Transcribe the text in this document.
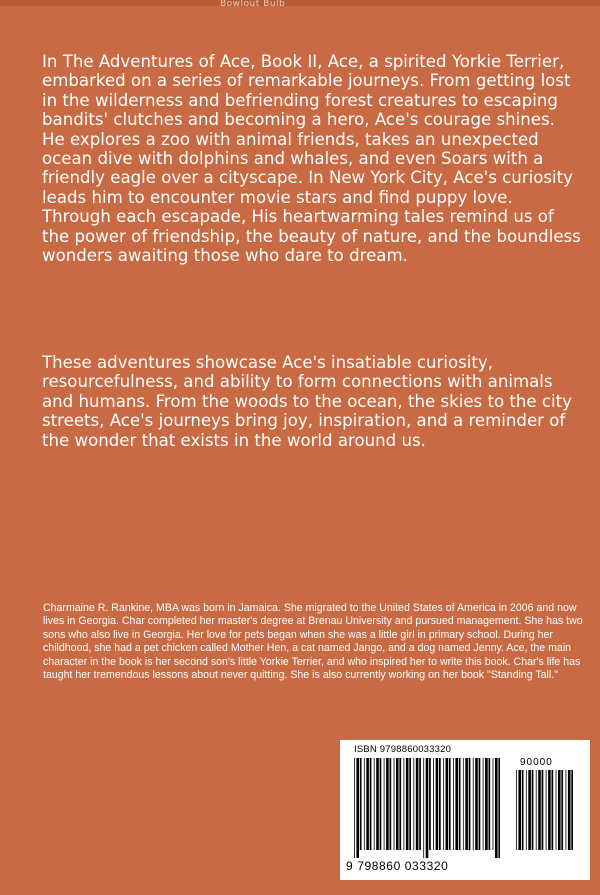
Bowlout Bulb

In The Adventures of Ace, Book II, Ace, a spirited Yorkie Terrier, embarked on a series of remarkable journeys. From getting lost in the wilderness and befriending forest creatures to escaping bandits' clutches and becoming a hero, Ace's courage shines. He explores a zoo with animal friends, takes an unexpected ocean dive with dolphins and whales, and even Soars with a friendly eagle over a cityscape. In New York City, Ace's curiosity leads him to encounter movie stars and find puppy love. Through each escapade, His heartwarming tales remind us of the power of friendship, the beauty of nature, and the boundless wonders awaiting those who dare to dream.

These adventures showcase Ace's insatiable curiosity, resourcefulness, and ability to form connections with animals and humans. From the woods to the ocean, the skies to the city streets, Ace's journeys bring joy, inspiration, and a reminder of the wonder that exists in the world around us.

Charmaine R. Rankine, MBA was born in Jamaica. She migrated to the United States of America in 2006 and now lives in Georgia. Char completed her master's degree at Brenau University and pursued management. She has two sons who also live in Georgia. Her love for pets began when she was a little girl in primary school. During her childhood, she had a pet chicken called Mother Hen, a cat named Jango, and a dog named Jenny. Ace, the main character in the book is her second son's little Yorkie Terrier, and who inspired her to write this book. Char's life has taught her tremendous lessons about never quitting. She is also currently working on her book "Standing Tall."

ISBN 9798860033320
90000
9 798860 033320
